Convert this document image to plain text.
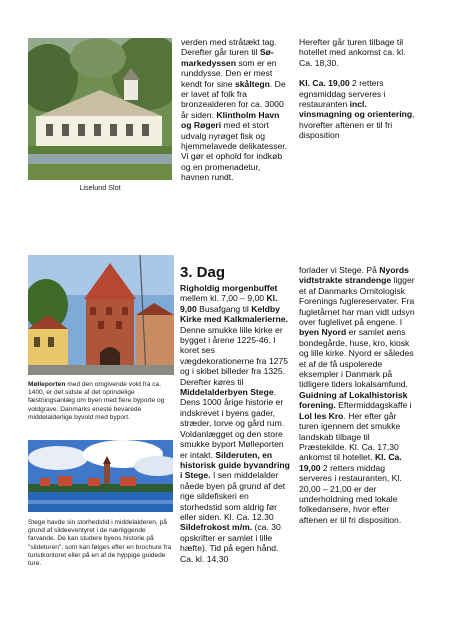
Liselund Slot

verden med stråtækt tag. Derefter går turen til Sø-markedyssen som er en runddysse. Den er mest kendt for sine skåltegn. De er lavet af folk fra bronzealderen for ca. 3000 år siden. Klintholm Havn og Røgeri med et stort udvalg nyrøget fisk og hjemmelavede delikatesser. Vi gør et ophold for indkøb og en promenadetur, havnen rundt.

Herefter går turen tilbage til hotellet med ankomst ca. kl. Ca. 18,30.

Kl. Ca. 19,00 2 retters egnsmiddag serveres i restauranten incl. vinsmagning og orientering, hvorefter aftenen er til fri disposition

Mølleporten med den omgivende vold fra ca. 1400, er det sidste af det oprindelige fæstningsanlæg om byen med flere byporte og voldgrave. Danmarks eneste bevarede middelalderlige byvold med byport.
Stege havde sin storhedstid i middelalderen, på grund af sildeeventyret i de nærliggende farvande. De kan studere byens historie på "sildeturen", som kan følges efter en brochure fra turistkontoret eller på en af de hyppige guidede ture.
3. Dag

Righoldig morgenbuffet mellem kl. 7,00 – 9,00 Kl. 9,00 Busafgang til Keldby Kirke med Kalkmalerierne. Denne smukke lille kirke er bygget i årene 1225-46. I koret ses vægdekorationerne fra 1275 og i skibet billeder fra 1325. Derefter køres til Middelalderbyen Stege. Dens 1000 årige historie er indskrevet i byens gader, stræder, torve og gård rum. Voldanlægget og den store smukke byport Mølleporten er intakt. Silderuten, en historisk guide byvandring i Stege. I sen middelalder nåede byen på grund af det rige sildefiskeri en storhedstid som aldrig før eller siden. Kl. Ca. 12.30 Sildefrokost m/m. (ca. 30 opskrifter er samlet i lille hæfte). Tid på egen hånd. Ca. kl. 14,30

forlader vi Stege. På Nyords vidtstrakte strandenge ligger et af Danmarks Ornitologisk Forenings fuglereservater. Fra fugletårnet har man vidt udsyn over fuglelivet på engene. I byen Nyord er samlet øens bondegårde, huse, kro, kiosk og lille kirke. Nyord er således et af de få uspolerede eksempler i Danmark på tidligere tiders lokalsamfund. Guidning af Lokalhistorisk forening. Eftermiddagskaffe i Lol les Kro. Her efter går turen igennem det smukke landskab tilbage til Præstekilde. Kl. Ca. 17,30 ankomst til hotellet. Kl. Ca. 19,00 2 retters middag serveres i restauranten, Kl. 20,00 – 21,00 er der underholdning med lokale folkedansere, hvor efter aftenen er til fri disposition.
